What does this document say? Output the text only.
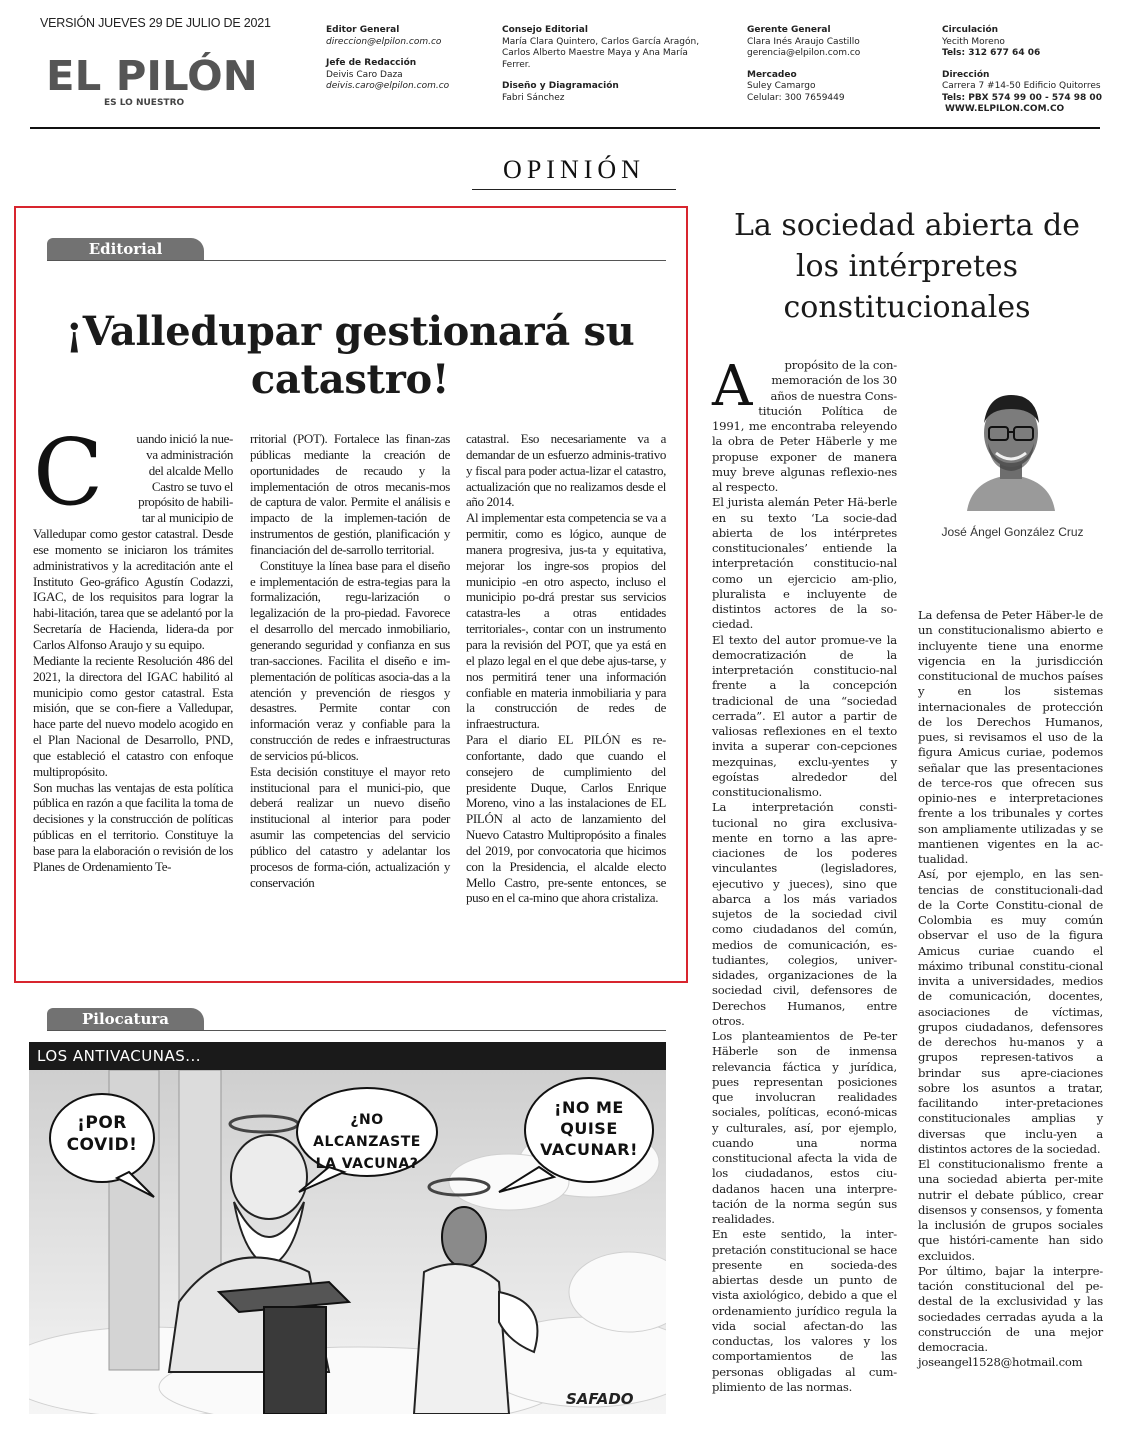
VERSIÓN JUEVES 29 DE JULIO DE 2021
EL PILÓN
ES LO NUESTRO
Editor General
direccion@elpilon.com.co
Jefe de Redacción
Deivis Caro Daza
deivis.caro@elpilon.com.co
Consejo Editorial
María Clara Quintero, Carlos García Aragón,
Carlos Alberto Maestre Maya y Ana María
Ferrer.
Diseño y Diagramación
Fabri Sánchez
Gerente General
Clara Inés Araujo Castillo
gerencia@elpilon.com.co
Mercadeo
Suley Camargo
Celular: 300 7659449
Circulación
Yecith Moreno
Tels: 312 677 64 06
Dirección
Carrera 7 #14-50 Edificio Quitorres
Tels: PBX 574 99 00 - 574 98 00
WWW.ELPILON.COM.CO
OPINIÓN
Editorial
¡Valledupar gestionará su catastro!
C	uando inició la nue-
va administración
del alcalde Mello
Castro se tuvo el
propósito de habili-
tar al municipio de

Valledupar como gestor catastral. Desde ese momento se iniciaron los trámites administrativos y la acreditación ante el Instituto Geo-gráfico Agustín Codazzi, IGAC, de los requisitos para lograr la habi-litación, tarea que se adelantó por la Secretaría de Hacienda, lidera-da por Carlos Alfonso Araujo y su equipo.

Mediante la reciente Resolución 486 del 2021, la directora del IGAC habilitó al municipio como gestor catastral. Esta misión, que se con-fiere a Valledupar, hace parte del nuevo modelo acogido en el Plan Nacional de Desarrollo, PND, que estableció el catastro con enfoque multipropósito.

Son muchas las ventajas de esta política pública en razón a que facilita la toma de decisiones y la construcción de políticas públicas en el territorio. Constituye la base para la elaboración o revisión de los Planes de Ordenamiento Te-

rritorial (POT). Fortalece las finan-zas públicas mediante la creación de oportunidades de recaudo y la implementación de otros mecanis-mos de captura de valor. Permite el análisis e impacto de la implemen-tación de instrumentos de gestión, planificación y financiación del de-sarrollo territorial.

Constituye la línea base para el diseño e implementación de estra-tegias para la formalización, regu-larización o legalización de la pro-piedad. Favorece el desarrollo del mercado inmobiliario, generando seguridad y confianza en sus tran-sacciones. Facilita el diseño e im-plementación de políticas asocia-das a la atención y prevención de riesgos y desastres. Permite contar con información veraz y confiable para la construcción de redes e infraestructuras de servicios pú-blicos.

Esta decisión constituye el mayor reto institucional para el munici-pio, que deberá realizar un nuevo diseño institucional al interior para poder asumir las competencias del servicio público del catastro y adelantar los procesos de forma-ción, actualización y conservación

catastral. Eso necesariamente va a demandar de un esfuerzo adminis-trativo y fiscal para poder actua-lizar el catastro, actualización que no realizamos desde el año 2014.

Al implementar esta competencia se va a permitir, como es lógico, aunque de manera progresiva, jus-ta y equitativa, mejorar los ingre-sos propios del municipio -en otro aspecto, incluso el municipio po-drá prestar sus servicios catastra-les a otras entidades territoriales-, contar con un instrumento para la revisión del POT, que ya está en el plazo legal en el que debe ajus-tarse, y nos permitirá tener una información confiable en materia inmobiliaria y para la construcción de redes de infraestructura.

Para el diario EL PILÓN es re-confortante, dado que cuando el consejero de cumplimiento del presidente Duque, Carlos Enrique Moreno, vino a las instalaciones de EL PILÓN al acto de lanzamiento del Nuevo Catastro Multipropósito a finales del 2019, por convocatoria que hicimos con la Presidencia, el alcalde electo Mello Castro, pre-sente entonces, se puso en el ca-mino que ahora cristaliza.

Pilocatura
LOS ANTIVACUNAS...
¡POR
COVID!
¿NO ALCANZASTE
LA VACUNA?
¡NO ME
QUISE
VACUNAR!
SAFADO
La sociedad abierta de los intérpretes constitucionales
A	propósito de la con-
memoración de los 30
años de nuestra Cons-

titución Política de 1991, me encontraba releyendo la obra de Peter Häberle y me propuse exponer de manera muy breve algunas reflexio-nes al respecto.

El jurista alemán Peter Hä-berle en su texto ‘La socie-dad abierta de los intérpretes constitucionales’ entiende la interpretación constitucio-nal como un ejercicio am-plio, pluralista e incluyente de distintos actores de la so-ciedad.

El texto del autor promue-ve la democratización de la interpretación constitucio-nal frente a la concepción tradicional de una “sociedad cerrada”. El autor a partir de valiosas reflexiones en el texto invita a superar con-cepciones mezquinas, exclu-yentes y egoístas alrededor del constitucionalismo.

La interpretación consti-tucional no gira exclusiva-mente en torno a las apre-ciaciones de los poderes vinculantes (legisladores, ejecutivo y jueces), sino que abarca a los más variados sujetos de la sociedad civil como ciudadanos del común, medios de comunicación, es-tudiantes, colegios, univer-sidades, organizaciones de la sociedad civil, defensores de Derechos Humanos, entre otros.

Los planteamientos de Pe-ter Häberle son de inmensa relevancia fáctica y jurídica, pues representan posiciones que involucran realidades sociales, políticas, econó-micas y culturales, así, por ejemplo, cuando una norma constitucional afecta la vida de los ciudadanos, estos ciu-dadanos hacen una interpre-tación de la norma según sus realidades.

En este sentido, la inter-pretación constitucional se hace presente en socieda-des abiertas desde un punto de vista axiológico, debido a que el ordenamiento jurídico regula la vida social afectan-do las conductas, los valores y los comportamientos de las personas obligadas al cum-plimiento de las normas.

José Ángel González Cruz

La defensa de Peter Häber-le de un constitucionalismo abierto e incluyente tiene una enorme vigencia en la jurisdicción constitucional de muchos países y en los sistemas internacionales de protección de los Derechos Humanos, pues, si revisamos el uso de la figura Amicus curiae, podemos señalar que las presentaciones de terce-ros que ofrecen sus opinio-nes e interpretaciones frente a los tribunales y cortes son ampliamente utilizadas y se mantienen vigentes en la ac-tualidad.

Así, por ejemplo, en las sen-tencias de constitucionali-dad de la Corte Constitu-cional de Colombia es muy común observar el uso de la figura Amicus curiae cuando el máximo tribunal constitu-cional invita a universidades, medios de comunicación, docentes, asociaciones de víctimas, grupos ciudadanos, defensores de derechos hu-manos y a grupos represen-tativos a brindar sus apre-ciaciones sobre los asuntos a tratar, facilitando inter-pretaciones constitucionales amplias y diversas que inclu-yen a distintos actores de la sociedad.

El constitucionalismo frente a una sociedad abierta per-mite nutrir el debate público, crear disensos y consensos, y fomenta la inclusión de grupos sociales que históri-camente han sido excluidos.

Por último, bajar la interpre-tación constitucional del pe-destal de la exclusividad y las sociedades cerradas ayuda a la construcción de una mejor democracia.

joseangel1528@hotmail.com
